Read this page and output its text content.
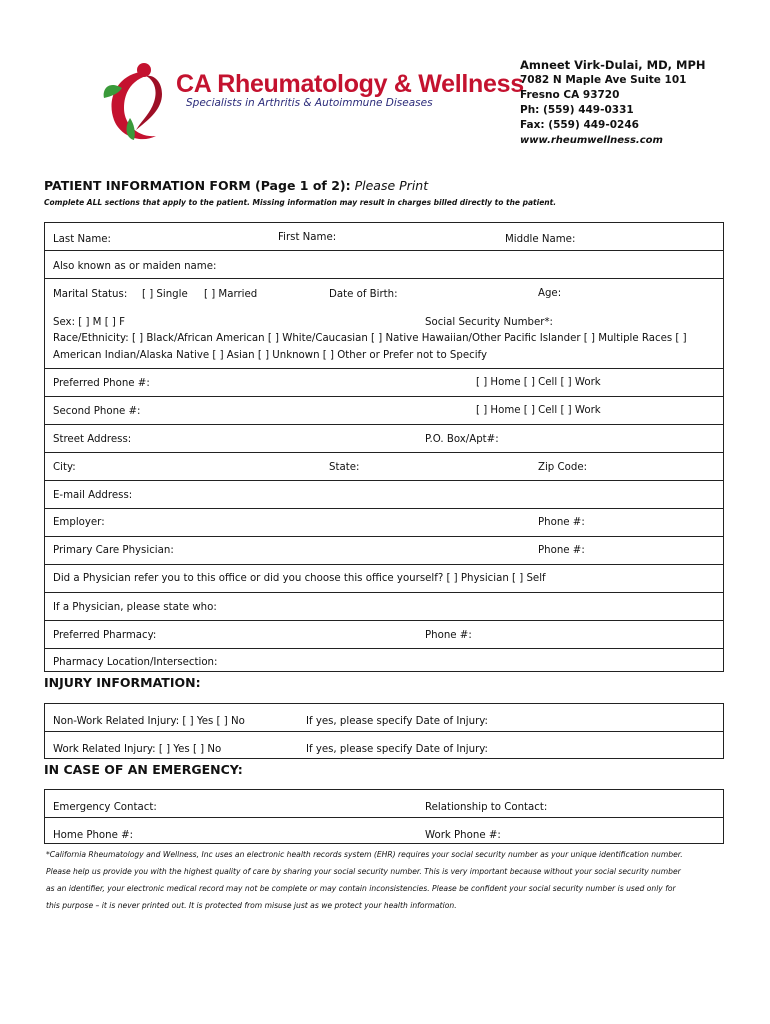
CA Rheumatology & Wellness
Specialists in Arthritis & Autoimmune Diseases
Amneet Virk-Dulai, MD, MPH
7082 N Maple Ave Suite 101
Fresno CA 93720
Ph: (559) 449-0331
Fax: (559) 449-0246
www.rheumwellness.com
PATIENT INFORMATION FORM (Page 1 of 2): Please Print
Complete ALL sections that apply to the patient. Missing information may result in charges billed directly to the patient.
Last Name:	First Name:	Middle Name:
Also known as or maiden name:
Marital Status: [ ] Single [ ] Married	Date of Birth:	Age:
Sex: [ ] M [ ] F	Social Security Number*:
Race/Ethnicity: [ ] Black/African American [ ] White/Caucasian [ ] Native Hawaiian/Other Pacific Islander [ ] Multiple Races [ ]
American Indian/Alaska Native [ ] Asian [ ] Unknown [ ] Other or Prefer not to Specify
Preferred Phone #:	[ ] Home [ ] Cell [ ] Work
Second Phone #:	[ ] Home [ ] Cell [ ] Work
Street Address:	P.O. Box/Apt#:
City:	State:	Zip Code:
E-mail Address:
Employer:	Phone #:
Primary Care Physician:	Phone #:
Did a Physician refer you to this office or did you choose this office yourself? [ ] Physician [ ] Self
If a Physician, please state who:
Preferred Pharmacy:	Phone #:
Pharmacy Location/Intersection:
INJURY INFORMATION:
Non-Work Related Injury: [ ] Yes [ ] No	If yes, please specify Date of Injury:
Work Related Injury: [ ] Yes [ ] No	If yes, please specify Date of Injury:
IN CASE OF AN EMERGENCY:
Emergency Contact:	Relationship to Contact:
Home Phone #:	Work Phone #:
*California Rheumatology and Wellness, Inc uses an electronic health records system (EHR) requires your social security number as your unique identification number.
Please help us provide you with the highest quality of care by sharing your social security number. This is very important because without your social security number
as an identifier, your electronic medical record may not be complete or may contain inconsistencies. Please be confident your social security number is used only for
this purpose – it is never printed out. It is protected from misuse just as we protect your health information.
